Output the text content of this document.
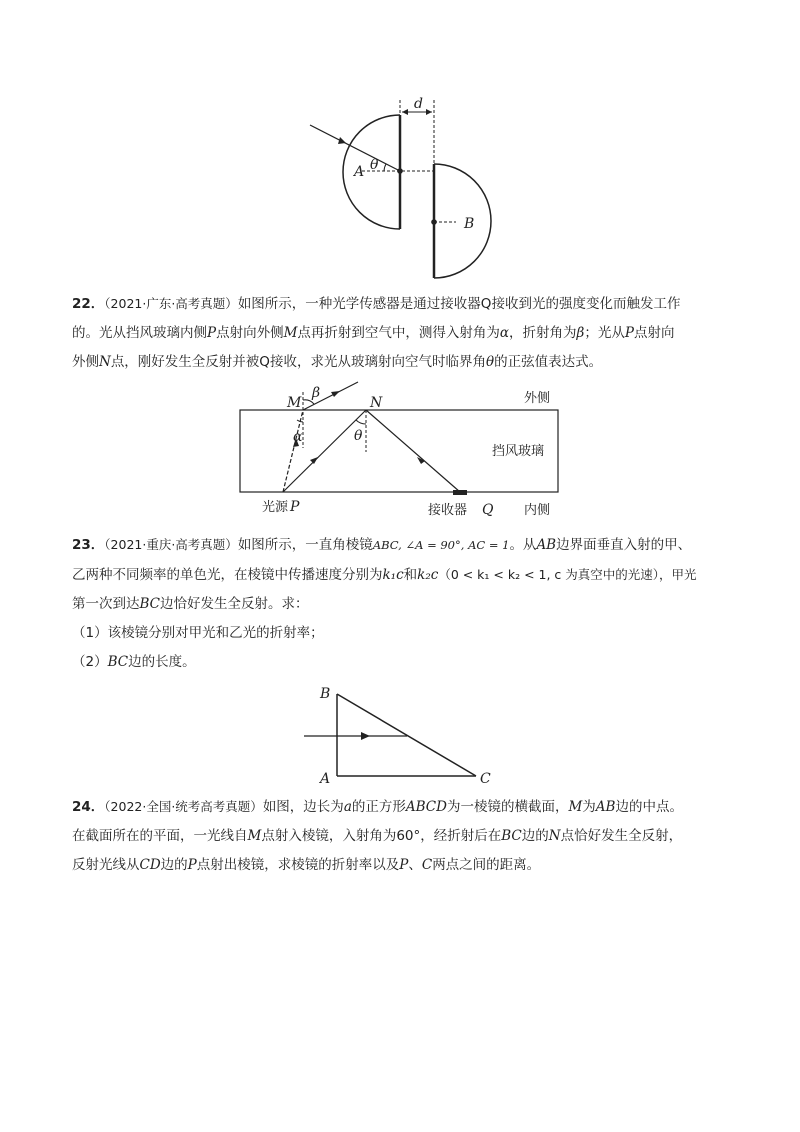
d
A θ
B

22．（2021·广东·高考真题）如图所示，一种光学传感器是通过接收器Q接收到光的强度变化而触发工作

的。光从挡风玻璃内侧P点射向外侧M点再折射到空气中，测得入射角为α，折射角为β；光从P点射向

外侧N点，刚好发生全反射并被Q接收，求光从玻璃射向空气时临界角θ的正弦值表达式。

M
β
N
α	θ
外侧
挡风玻璃
光源 P	接收器 Q 内侧

23．（2021·重庆·高考真题）如图所示，一直角棱镜ABC, ∠A = 90°, AC = 1。从AB边界面垂直入射的甲、

乙两种不同频率的单色光，在棱镜中传播速度分别为k₁c和k₂c（0 < k₁ < k₂ < 1, c 为真空中的光速），甲光

第一次到达BC边恰好发生全反射。求：

（1）该棱镜分别对甲光和乙光的折射率；

（2）BC边的长度。

B
A	C

24．（2022·全国·统考高考真题）如图，边长为a的正方形ABCD为一棱镜的横截面，M为AB边的中点。

在截面所在的平面，一光线自M点射入棱镜，入射角为60°，经折射后在BC边的N点恰好发生全反射，

反射光线从CD边的P点射出棱镜，求棱镜的折射率以及P、C两点之间的距离。
